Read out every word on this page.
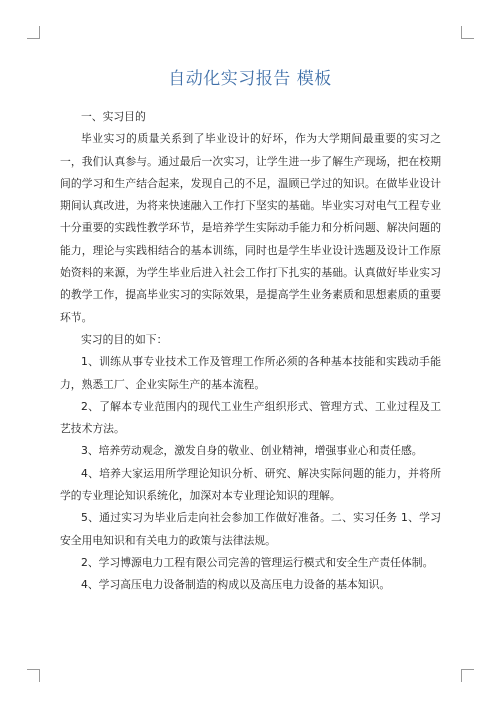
自动化实习报告 模板

一、实习目的

毕业实习的质量关系到了毕业设计的好坏，作为大学期间最重要的实习之 一，我们认真参与。通过最后一次实习，让学生进一步了解生产现场，把在校期 间的学习和生产结合起来，发现自己的不足，温顾已学过的知识。在做毕业设计 期间认真改进，为将来快速融入工作打下坚实的基础。毕业实习对电气工程专业 十分重要的实践性教学环节，是培养学生实际动手能力和分析问题、解决问题的 能力，理论与实践相结合的基本训练，同时也是学生毕业设计选题及设计工作原 始资料的来源，为学生毕业后进入社会工作打下扎实的基础。认真做好毕业实习 的教学工作，提高毕业实习的实际效果，是提高学生业务素质和思想素质的重要 环节。

实习的目的如下：

1、训练从事专业技术工作及管理工作所必须的各种基本技能和实践动手能 力，熟悉工厂、企业实际生产的基本流程。

2、了解本专业范围内的现代工业生产组织形式、管理方式、工业过程及工 艺技术方法。

3、培养劳动观念，激发自身的敬业、创业精神，增强事业心和责任感。

4、培养大家运用所学理论知识分析、研究、解决实际问题的能力，并将所 学的专业理论知识系统化，加深对本专业理论知识的理解。

5、通过实习为毕业后走向社会参加工作做好准备。二、实习任务 1、学习安全用电知识和有关电力的政策与法律法规。

2、学习博源电力工程有限公司完善的管理运行模式和安全生产责任体制。

4、学习高压电力设备制造的构成以及高压电力设备的基本知识。
